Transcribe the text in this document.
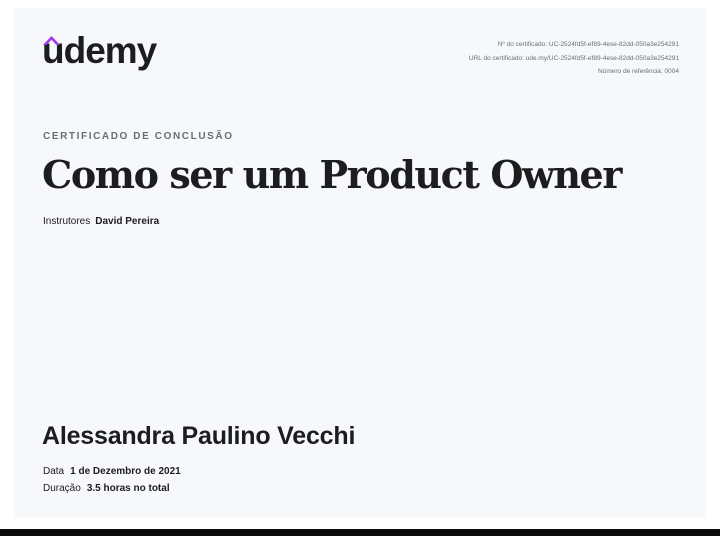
udemy	Nº do certificado: UC-2524fd5f-ef89-4ese-82dd-050a3e254291
URL do certificado: ude.my/UC-2524fd5f-ef89-4ese-82dd-050a3e254291
Número de referência: 0004
CERTIFICADO DE CONCLUSÃO
Como ser um Product Owner
Instrutores David Pereira
Alessandra Paulino Vecchi
Data 1 de Dezembro de 2021
Duração 3.5 horas no total
